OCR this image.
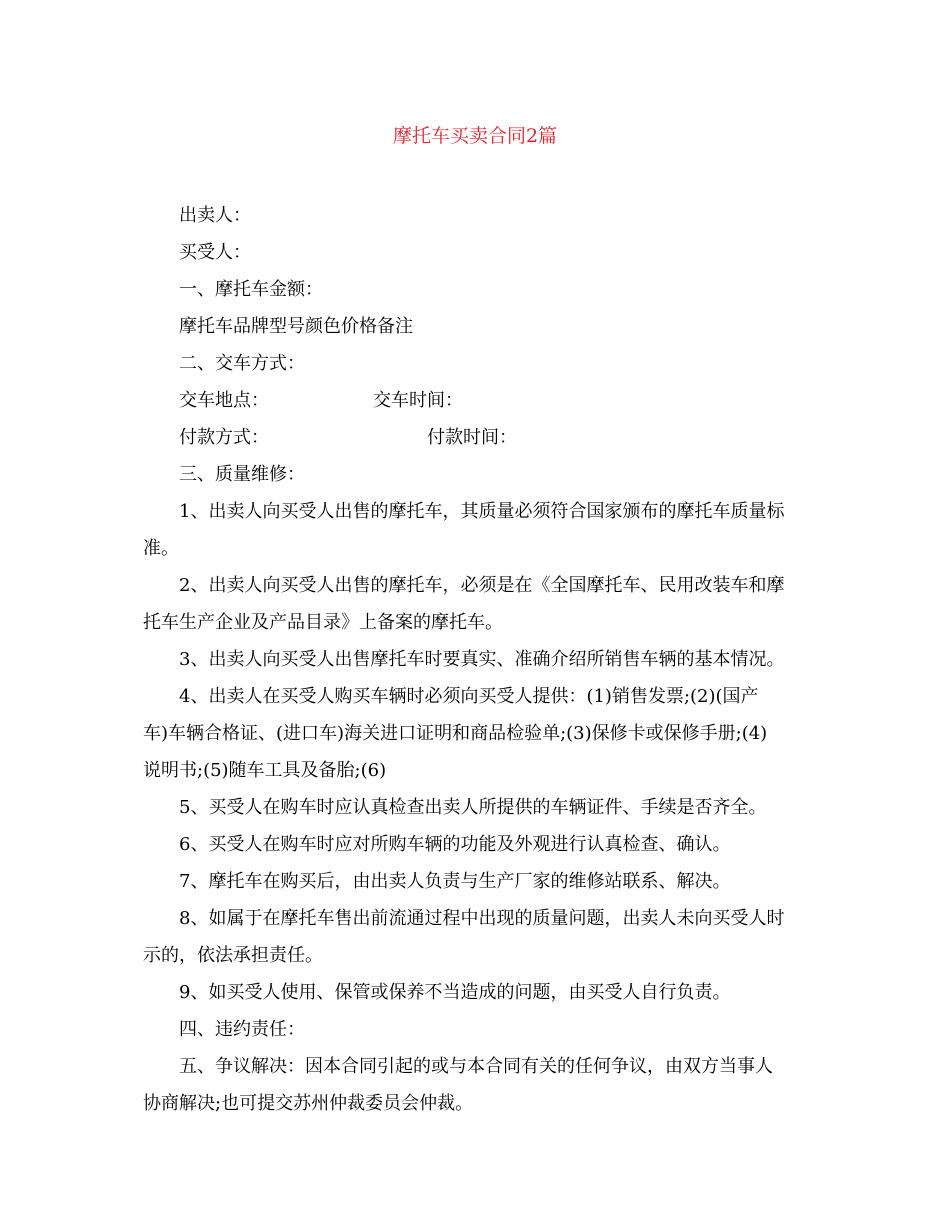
摩托车买卖合同2篇

出卖人：

买受人：

一、摩托车金额：

摩托车品牌型号颜色价格备注

二、交车方式：

交车地点：	交车时间：

付款方式：	付款时间：

三、质量维修：

1、出卖人向买受人出售的摩托车，其质量必须符合国家颁布的摩托车质量标

准。

2、出卖人向买受人出售的摩托车，必须是在《全国摩托车、民用改装车和摩

托车生产企业及产品目录》上备案的摩托车。

3、出卖人向买受人出售摩托车时要真实、准确介绍所销售车辆的基本情况。

4、出卖人在买受人购买车辆时必须向买受人提供：(1)销售发票;(2)(国产

车)车辆合格证、(进口车)海关进口证明和商品检验单;(3)保修卡或保修手册;(4)

说明书;(5)随车工具及备胎;(6)

5、买受人在购车时应认真检查出卖人所提供的车辆证件、手续是否齐全。

6、买受人在购车时应对所购车辆的功能及外观进行认真检查、确认。

7、摩托车在购买后，由出卖人负责与生产厂家的维修站联系、解决。

8、如属于在摩托车售出前流通过程中出现的质量问题，出卖人未向买受人时

示的，依法承担责任。

9、如买受人使用、保管或保养不当造成的问题，由买受人自行负责。

四、违约责任：

五、争议解决：因本合同引起的或与本合同有关的任何争议，由双方当事人

协商解决;也可提交苏州仲裁委员会仲裁。
